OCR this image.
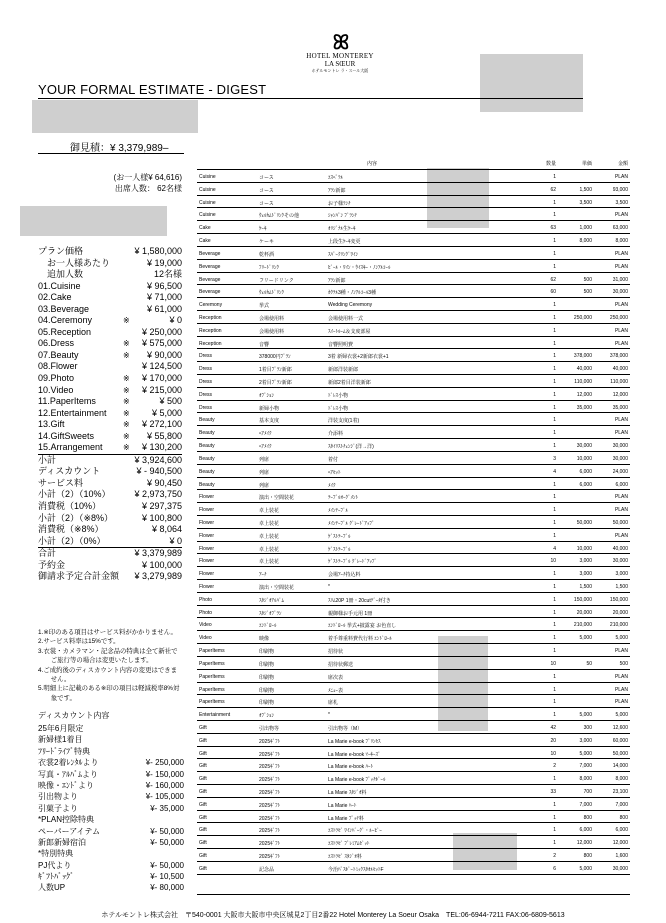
ꕤ
HOTEL MONTEREY
LA SŒUR
ホテルモントレ ラ・スール大阪
YOUR FORMAL ESTIMATE - DIGEST
御見積：¥ 3,379,989–
(お一人様¥ 64,616)
出席人数： 62名様
プラン価格	¥ 1,580,000
　お一人様あたり	¥ 19,000
　追加人数	12名様
01.Cuisine	¥ 96,500
02.Cake	¥ 71,000
03.Beverage	¥ 61,000
04.Ceremony	※	¥ 0
05.Reception	¥ 250,000
06.Dress	※ ¥ 575,000
07.Beauty	※ ¥ 90,000
08.Flower	¥ 124,500
09.Photo	※ ¥ 170,000
10.Video	※ ¥ 215,000
11.PaperItems	※	¥ 500
12.Entertainment ※ ¥ 5,000
13.Gift	※ ¥ 272,100
14.GiftSweets	※ ¥ 55,800
15.Arrangement	※ ¥ 130,200
小計	¥ 3,924,600
ディスカウント	¥ - 940,500
サービス料	¥ 90,450
小計（2）（10%）	¥ 2,973,750
消費税（10%）	¥ 297,375
小計（2）（※8%）	¥ 100,800
消費税（※8%）	¥ 8,064
小計（2）（0%）	¥ 0
合計	¥ 3,379,989
予約金	¥ 100,000
御請求予定合計金額 ¥ 3,279,989
1.※印のある項目はサービス料がかかりません。
2.サービス料率は15%です。
3.衣裳・カメラマン・記念品の特典は全て新社で
　　ご旅行等の場合は変更いたします。
4.ご成約後のディスカウント内容の変更はできま
　　せん。
5.明細上に記載のある※印の項目は軽減税率8%対
　　象です。
ディスカウント内容
25年6月限定
新婦様1着目
ﾌﾘｰﾄﾞﾗｲﾌﾞ特典
衣裳2着ﾚﾝﾀﾙより	¥- 250,000
写真・ｱﾙﾊﾞﾑより	¥- 150,000
映像・ｴﾝﾄﾞより	¥- 160,000
引出物より	¥- 105,000
引菓子より	¥- 35,000
*PLAN控除特典
ペーパーアイテム	¥- 50,000
新郎新婦宿泊	¥- 50,000
*特別特典
PJ代より	¥- 50,000
ｷﾞﾌﾄﾊﾞｯｸﾞ	¥- 10,500
人数UP	¥- 80,000
内容	数量	単価	金額
Cuisine	コース	ｴｽﾍﾟﾗﾙ	1	PLAN
Cuisine	コース	ｱﾗﾝ新郎	62	1,500	93,000
Cuisine	コース	お子様ﾗﾝﾁ	1	3,500	3,500
Cuisine	ｳｪﾙｶﾑﾄﾞﾘﾝｸその他	ｼｬﾝﾊﾟﾝ ﾌﾞﾗﾝﾁ	1	PLAN
Cake	ｹｰｷ	ｵﾘｼﾞﾅﾙ生ｹｰｷ	63	1,000	63,000
Cake	ケーキ	上段生ｹｰｷ変更	1	8,000	8,000
Beverage	乾杯酒	ｽﾊﾟｰｸﾘﾝｸﾞﾜｲﾝ	1	PLAN
Beverage	ﾌﾘｰﾄﾞﾘﾝｸ	ﾋﾞｰﾙ・ﾜｲﾝ・ｳｲｽｷｰ・ﾉﾝｱﾙｺｰﾙ	1	PLAN
Beverage	フリードリンク	ｱﾗﾝ新郎	62	500	31,000
Beverage	ｳｪﾙｶﾑﾄﾞﾘﾝｸ	ｶｸﾃﾙ3種・ﾉﾝｱﾙｺｰﾙ3種	60	500	30,000
Ceremony	挙式	Wedding Ceremony	1	PLAN
Reception	会場使用料	会場使用料一式	1	250,000	250,000
Reception	会場使用料	ｽｲｰﾄﾙｰﾑ＆支度部屋	1	PLAN
Reception	音響	音響照明費	1	PLAN
Dress	378000円ﾌﾟﾗﾝ	3着 新婦衣裳+2新郎衣裳+1	1	378,000	378,000
Dress	1着目ﾌﾟﾗﾝ新郎	新郎洋装新郎	1	40,000	40,000
Dress	2着目ﾌﾟﾗﾝ新郎	新郎2着目洋装新郎	1	110,000	110,000
Dress	ｵﾌﾟｼｮﾝ	ﾄﾞﾚｽ小物	1	12,000	12,000
Dress	新婦小物	ﾄﾞﾚｽ小物	1	35,000	35,000
Beauty	基本支度	洋装支度(1着)	1	PLAN
Beauty	ﾍｱﾒｲｸ	介添料	1	PLAN
Beauty	ﾍｱﾒｲｸ	ｽﾀｲﾘｽﾄﾁｪﾝｼﾞ(洋→洋)	1	30,000	30,000
Beauty	列席	着付	3	10,000	30,000
Beauty	列席	ﾍｱｾｯﾄ	4	6,000	24,000
Beauty	列席	ﾒｲｸ	1	6,000	6,000
Flower	演出・空間装花	ﾃｰﾌﾞﾙｵｰｸﾞﾒﾝﾄ	1	PLAN
Flower	卓上装花	ﾒｲﾝﾃｰﾌﾞﾙ	1	PLAN
Flower	卓上装花	ﾒｲﾝﾃｰﾌﾞﾙ ｸﾞﾚｰﾄﾞｱｯﾌﾟ	1	50,000	50,000
Flower	卓上装花	ｹﾞｽﾄﾃｰﾌﾞﾙ	1	PLAN
Flower	卓上装花	ｹﾞｽﾄﾃｰﾌﾞﾙ	4	10,000	40,000
Flower	卓上装花	ｹﾞｽﾄﾃｰﾌﾞﾙ ｸﾞﾚｰﾄﾞｱｯﾌﾟ	10	3,000	30,000
Flower	ｱｰﾁ	会場ｱｰﾁ持込料	1	3,000	3,000
Flower	演出・空間装花	*	1	1,500	1,500
Photo	ｽﾀｼﾞｵｱﾙﾊﾞﾑ	ｽﾘﾑ20P 1冊・20cutﾃﾞｰﾀ付き	1	150,000	150,000
Photo	ｽﾀｼﾞｵﾌﾟﾗﾝ	親御様お手元用 1冊	1	20,000	20,000
Video	ｴﾝﾄﾞﾛｰﾙ	ｴﾝﾄﾞﾛｰﾙ 挙式+披露宴 お色直し	1	210,000	210,000
Video	映像	着手尊重料費代行料 ｴﾝﾄﾞﾛｰﾙ	1	5,000	5,000
PaperItems	印刷物	招待状	1	PLAN
PaperItems	印刷物	招待状郵送	10	50	500
PaperItems	印刷物	席次表	1	PLAN
PaperItems	印刷物	ﾒﾆｭｰ表	1	PLAN
PaperItems	印刷物	席札	1	PLAN
Entertainment	ｵﾌﾟｼｮﾝ	*	1	5,000	5,000
Gift	引出物等	引出物等（M）	42	300	12,600
Gift	2025ｷﾞﾌﾄ	La Marie e-book ﾌﾟﾘﾝｾｽ	20	3,000	60,000
Gift	2025ｷﾞﾌﾄ	La Marie e-book ﾏｰｷｰｽﾞ	10	5,000	50,000
Gift	2025ｷﾞﾌﾄ	La Marie e-book ﾊｰﾄ	2	7,000	14,000
Gift	2025ｷﾞﾌﾄ	La Marie e-book ﾌﾟｯﾁﾎﾞｰﾙ	1	8,000	8,000
Gift	2025ｷﾞﾌﾄ	La Marie ｽﾀｼﾞｵ料	33	700	23,100
Gift	2025ｷﾞﾌﾄ	La Marie ﾊｰﾄ	1	7,000	7,000
Gift	2025ｷﾞﾌﾄ	La Marie ﾌﾟｯﾁ料	1	800	800
Gift	2025ｷﾞﾌﾄ	ｴｽﾄﾗｾﾞ ﾜｲﾝﾊﾞｰｸﾞ・ﾙｰﾋﾞｰ	1	6,000	6,000
Gift	2025ｷﾞﾌﾄ	ｴｽﾄﾗｾﾞ ﾌﾟﾚﾐｱﾑｾﾞｯﾄ	1	12,000	12,000
Gift	2025ｷﾞﾌﾄ	ｴｽﾄﾗｾﾞ ｽﾀｼﾞｵ料	2	800	1,600
Gift	記念品	今治ﾊﾟｽﾎﾟｰﾄﾐｯｸｽﾀｵﾙｾｯﾄF	6	5,000	30,000
ホテルモントレ株式会社　〒540-0001 大阪市大阪市中央区城見2丁目2番22 Hotel Monterey La Soeur Osaka　TEL:06-6944-7211 FAX:06-6809-5613
